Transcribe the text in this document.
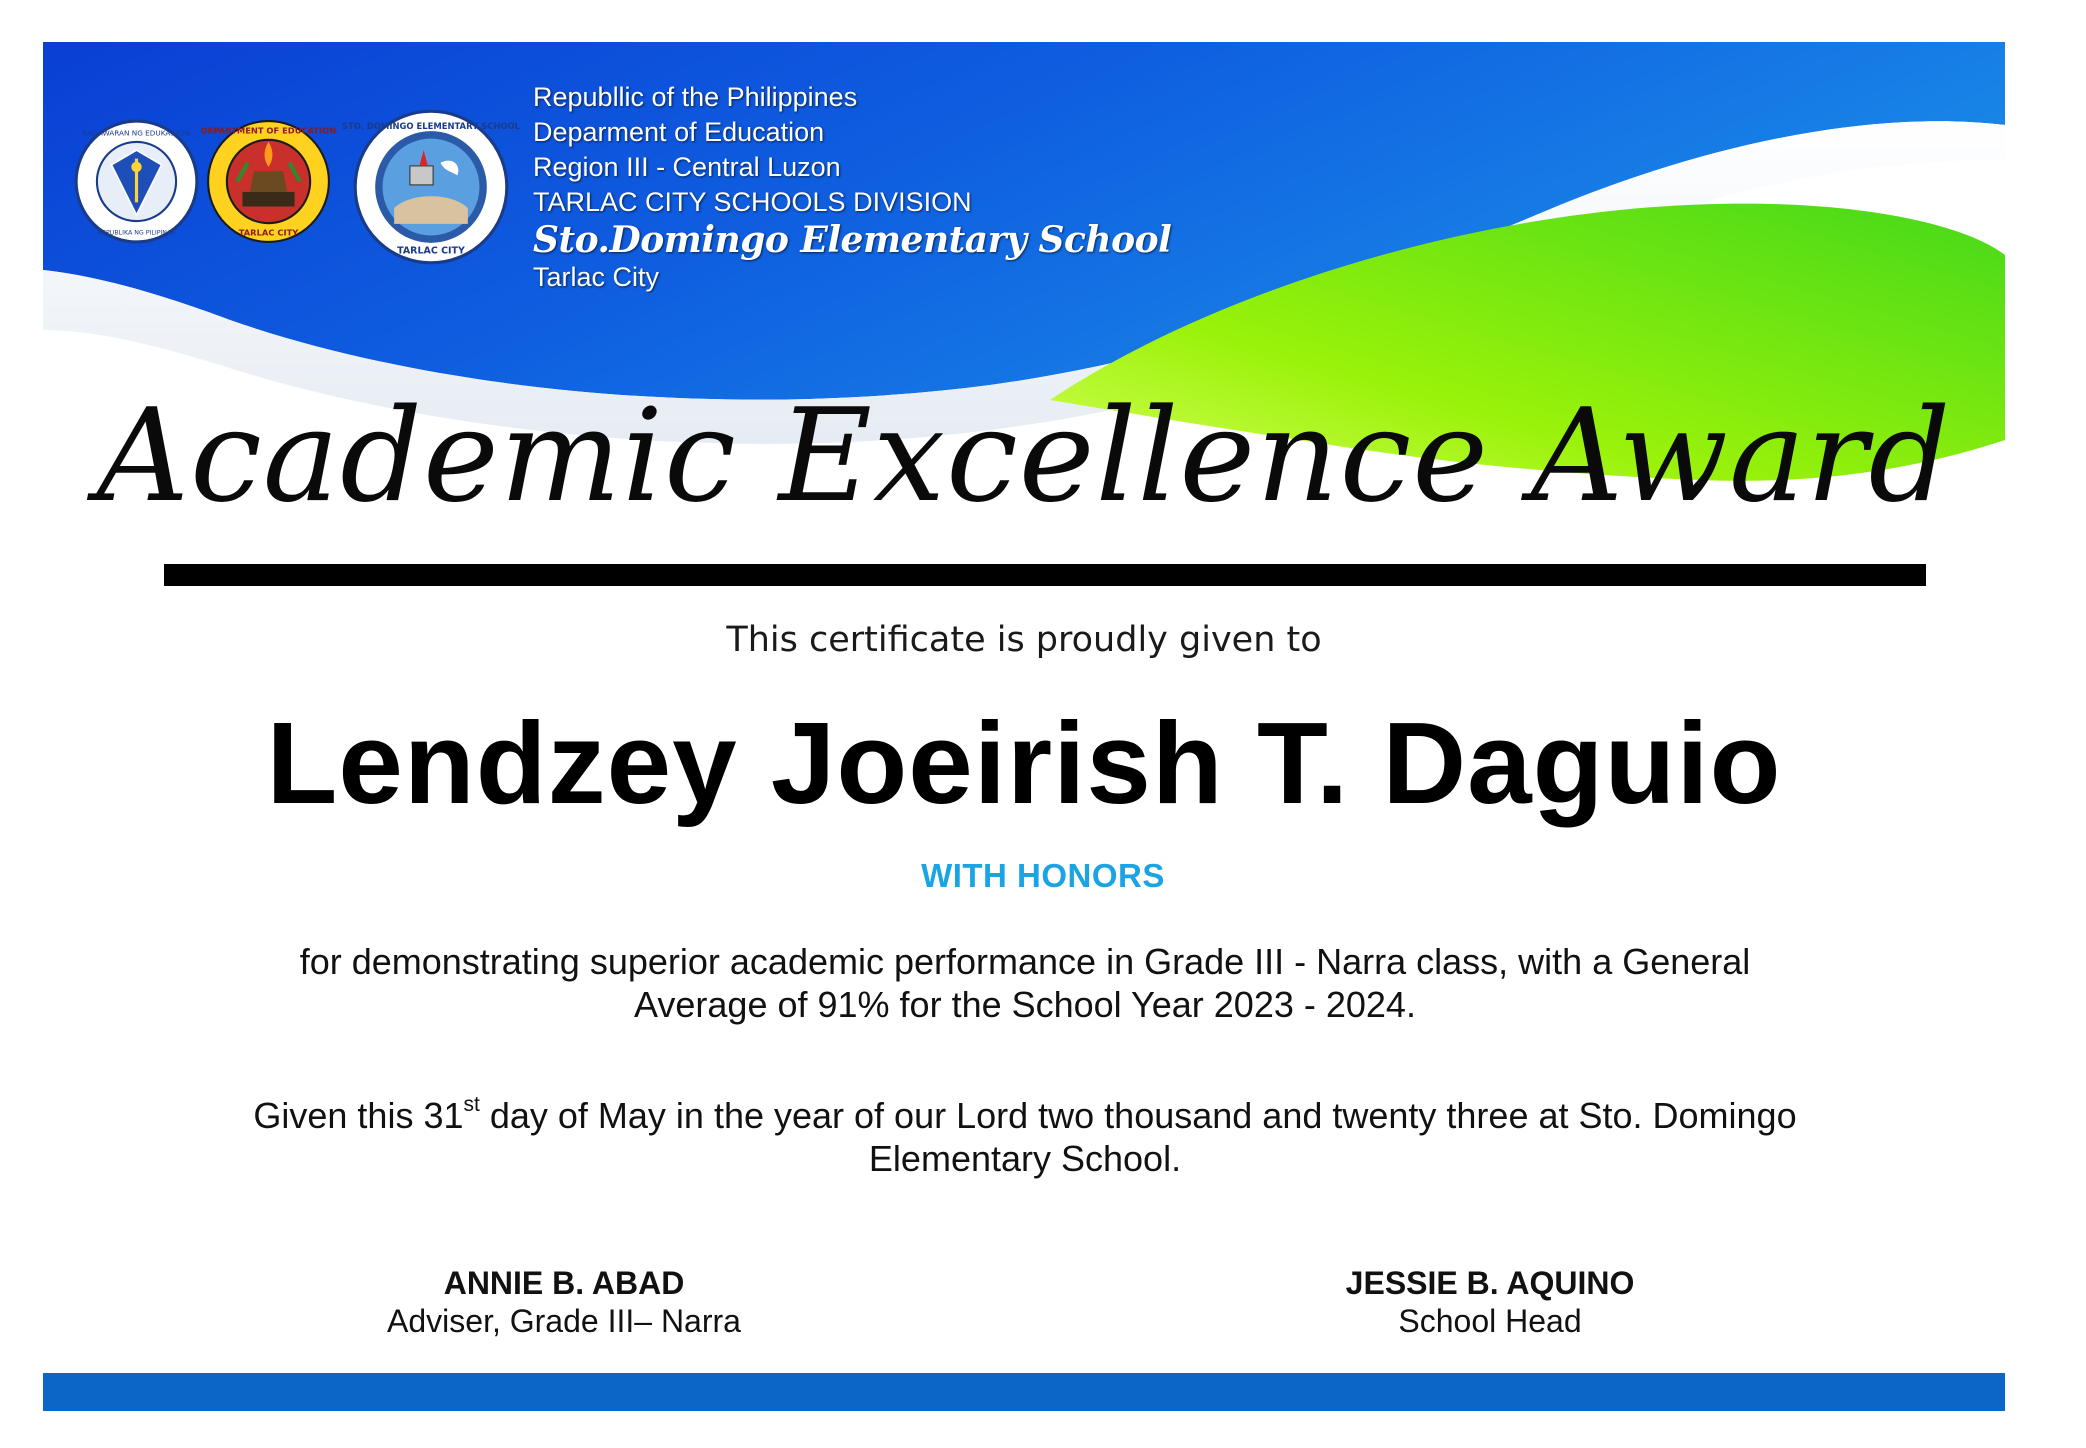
KAGAWARAN NG EDUKASYON
REPUBLIKA NG PILIPINAS
DEPARTMENT OF EDUCATION
TARLAC CITY
STO. DOMINGO ELEMENTARY SCHOOL
TARLAC CITY
Republlic of the Philippines
Deparment of Education
Region III - Central Luzon
TARLAC CITY SCHOOLS DIVISION
Sto.Domingo Elementary School
Tarlac City
Academic Excellence Award
This certificate is proudly given to
Lendzey Joeirish T. Daguio
WITH HONORS
for demonstrating superior academic performance in Grade III - Narra class, with a General Average of 91% for the School Year 2023 - 2024.
Given this 31st day of May in the year of our Lord two thousand and twenty three at Sto. Domingo Elementary School.
ANNIE B. ABAD
Adviser, Grade III– Narra
JESSIE B. AQUINO
School Head
